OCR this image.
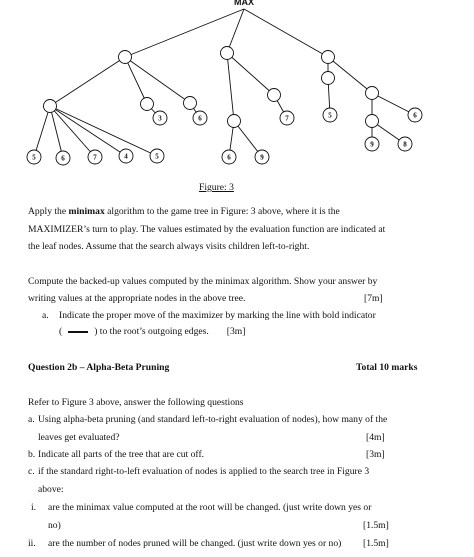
MAX
5	6	7	4	5
3	6
6	9
7	5
9	8
6
Figure: 3
Apply the minimax algorithm to the game tree in Figure: 3 above, where it is the
MAXIMIZER’s turn to play. The values estimated by the evaluation function are indicated at
the leaf nodes. Assume that the search always visits children left-to-right.
Compute the backed-up values computed by the minimax algorithm. Show your answer by
writing values at the appropriate nodes in the above tree.	[7m]
a. Indicate the proper move of the maximizer by marking the line with bold indicator
(	) to the root’s outgoing edges. [3m]
Question 2b – Alpha-Beta Pruning	Total 10 marks
Refer to Figure 3 above, answer the following questions
a. Using alpha-beta pruning (and standard left-to-right evaluation of nodes), how many of the
leaves get evaluated?	[4m]
b. Indicate all parts of the tree that are cut off.	[3m]
c. if the standard right-to-left evaluation of nodes is applied to the search tree in Figure 3
above:
i. are the minimax value computed at the root will be changed. (just write down yes or
no)	[1.5m]
ii. are the number of nodes pruned will be changed. (just write down yes or no) [1.5m]
